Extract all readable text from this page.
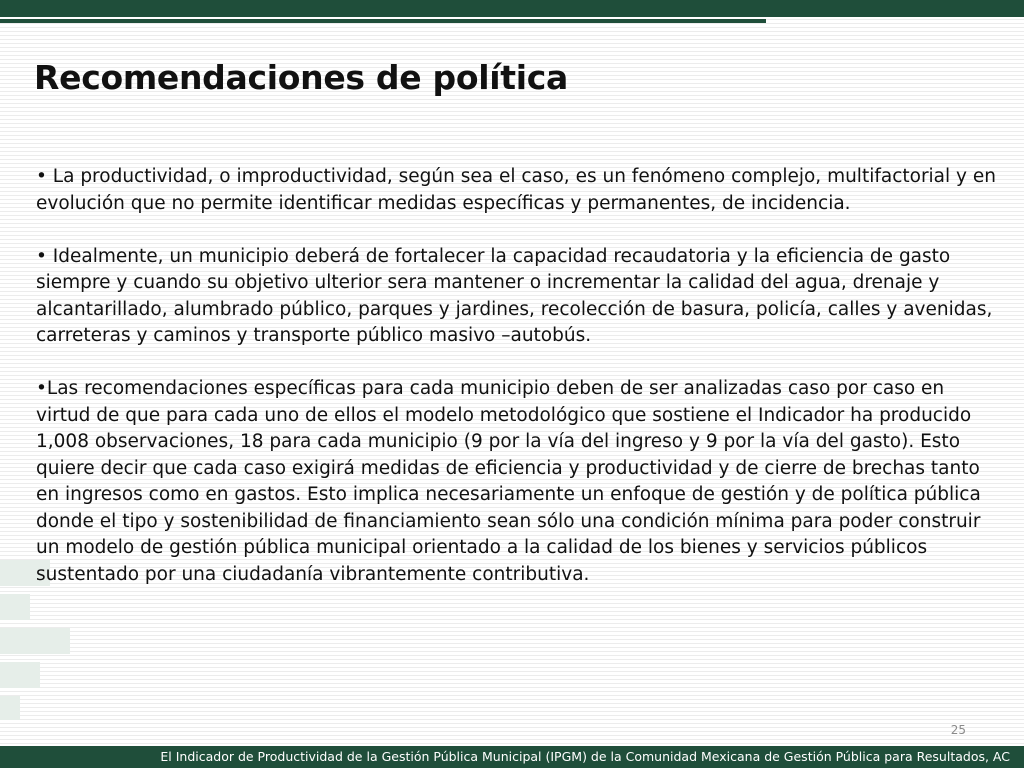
Recomendaciones de política

• La productividad, o improductividad, según sea el caso, es un fenómeno complejo, multifactorial y en evolución que no permite identificar medidas específicas y permanentes, de incidencia.

• Idealmente, un municipio deberá de fortalecer la capacidad recaudatoria y la eficiencia de gasto siempre y cuando su objetivo ulterior sera mantener o incrementar la calidad del agua, drenaje y alcantarillado, alumbrado público, parques y jardines, recolección de basura, policía, calles y avenidas, carreteras y caminos y transporte público masivo –autobús.

•Las recomendaciones específicas para cada municipio deben de ser analizadas caso por caso en virtud de que para cada uno de ellos el modelo metodológico que sostiene el Indicador ha producido 1,008 observaciones, 18 para cada municipio (9 por la vía del ingreso y 9 por la vía del gasto). Esto quiere decir que cada caso exigirá medidas de eficiencia y productividad y de cierre de brechas tanto en ingresos como en gastos. Esto implica necesariamente un enfoque de gestión y de política pública donde el tipo y sostenibilidad de financiamiento sean sólo una condición mínima para poder construir un modelo de gestión pública municipal orientado a la calidad de los bienes y servicios públicos sustentado por una ciudadanía vibrantemente contributiva.

25
El Indicador de Productividad de la Gestión Pública Municipal (IPGM) de la Comunidad Mexicana de Gestión Pública para Resultados, AC
